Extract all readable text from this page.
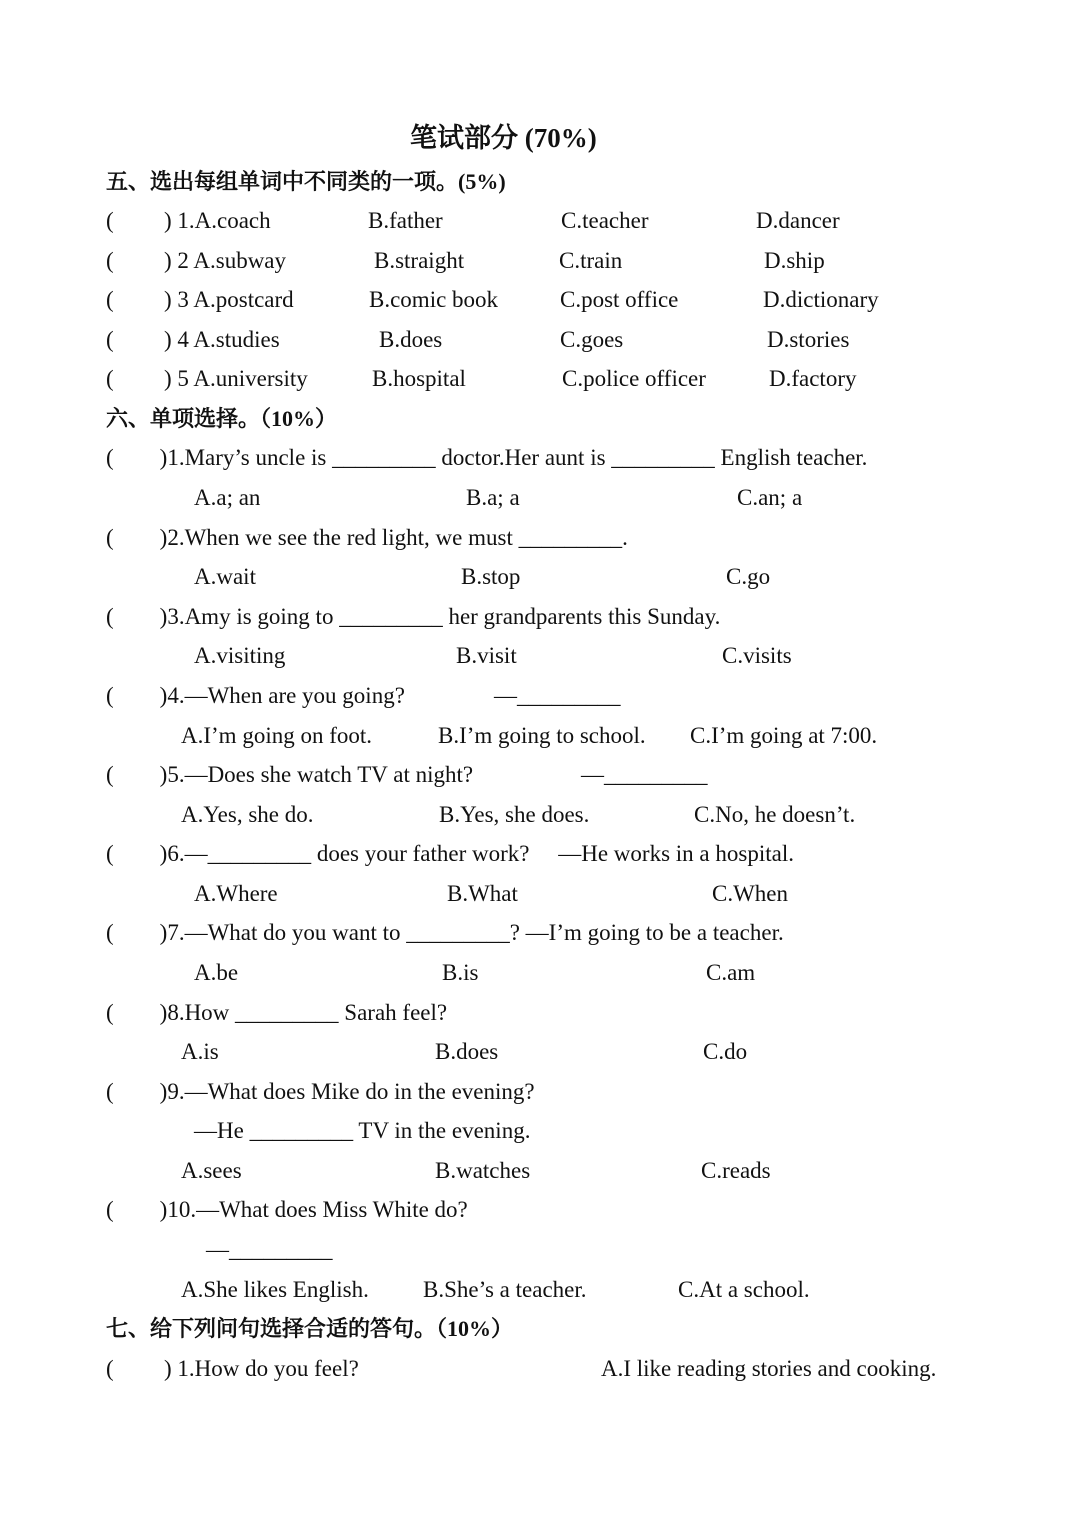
笔试部分 (70%)
五、选出每组单词中不同类的一项。(5%)
( ) 1.A.coach	B.father	C.teacher	D.dancer
( ) 2 A.subway	B.straight	C.train	D.ship
( ) 3 A.postcard	B.comic book	C.post office	D.dictionary
( ) 4 A.studies	B.does	C.goes	D.stories
( ) 5 A.university	B.hospital	C.police officer	D.factory
六、单项选择。（10%）
(        )1.Mary’s uncle is _________ doctor.Her aunt is _________ English teacher.
A.a; an	B.a; a	C.an; a
(        )2.When we see the red light, we must _________.
A.wait	B.stop	C.go
(        )3.Amy is going to _________ her grandparents this Sunday.
A.visiting	B.visit	C.visits
(        )4.—When are you going?	—_________
A.I’m going on foot.	B.I’m going to school. C.I’m going at 7:00.
(        )5.—Does she watch TV at night?	—_________
A.Yes, she do.	B.Yes, she does.	C.No, he doesn’t.
(        )6.—_________ does your father work?     —He works in a hospital.
A.Where	B.What	C.When
(        )7.—What do you want to _________? —I’m going to be a teacher.
A.be	B.is	C.am
(        )8.How _________ Sarah feel?
A.is	B.does	C.do
(        )9.—What does Mike do in the evening?
—He _________ TV in the evening.
A.sees	B.watches	C.reads
(        )10.—What does Miss White do?
—_________
A.She likes English. B.She’s a teacher.	C.At a school.
七、给下列问句选择合适的答句。（10%）
( ) 1.How do you feel?	A.I like reading stories and cooking.
